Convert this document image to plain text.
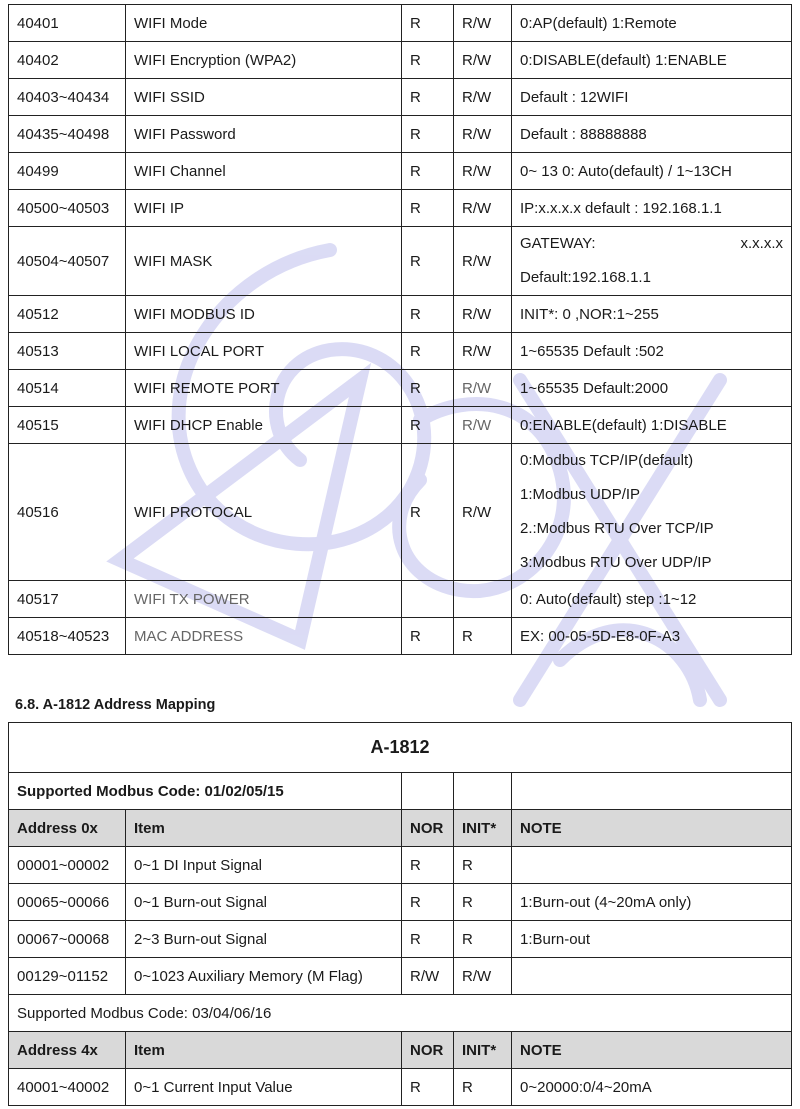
40401	WIFI Mode	R	R/W	0:AP(default) 1:Remote
40402	WIFI Encryption (WPA2)	R	R/W	0:DISABLE(default) 1:ENABLE
40403~40434	WIFI SSID	R	R/W	Default : 12WIFI
40435~40498	WIFI Password	R	R/W	Default : 88888888
40499	WIFI Channel	R	R/W	0~ 13 0: Auto(default) / 1~13CH
40500~40503	WIFI IP	R	R/W	IP:x.x.x.x default : 192.168.1.1
40504~40507	WIFI MASK	R	R/W	GATEWAY: x.x.x.x
Default:192.168.1.1

40512	WIFI MODBUS ID	R	R/W	INIT*: 0 ,NOR:1~255
40513	WIFI LOCAL PORT	R	R/W	1~65535 Default :502
40514	WIFI REMOTE PORT	R	R/W	1~65535 Default:2000
40515	WIFI DHCP Enable	R	R/W	0:ENABLE(default) 1:DISABLE
40516	WIFI PROTOCAL	R	R/W	0:Modbus TCP/IP(default)
1:Modbus UDP/IP
2.:Modbus RTU Over TCP/IP
3:Modbus RTU Over UDP/IP

40517	WIFI TX POWER			0: Auto(default) step :1~12
40518~40523	MAC ADDRESS	R	R	EX: 00-05-5D-E8-0F-A3
6.8. A-1812 Address Mapping
A-1812				
Supported Modbus Code: 01/02/05/15				
Address 0x	Item	NOR	INIT*	NOTE
00001~00002	0~1 DI Input Signal	R	R	
00065~00066	0~1 Burn-out Signal	R	R	1:Burn-out (4~20mA only)
00067~00068	2~3 Burn-out Signal	R	R	1:Burn-out
00129~01152	0~1023 Auxiliary Memory (M Flag)	R/W	R/W	
Supported Modbus Code: 03/04/06/16				
Address 4x	Item	NOR	INIT*	NOTE
40001~40002	0~1 Current Input Value	R	R	0~20000:0/4~20mA
